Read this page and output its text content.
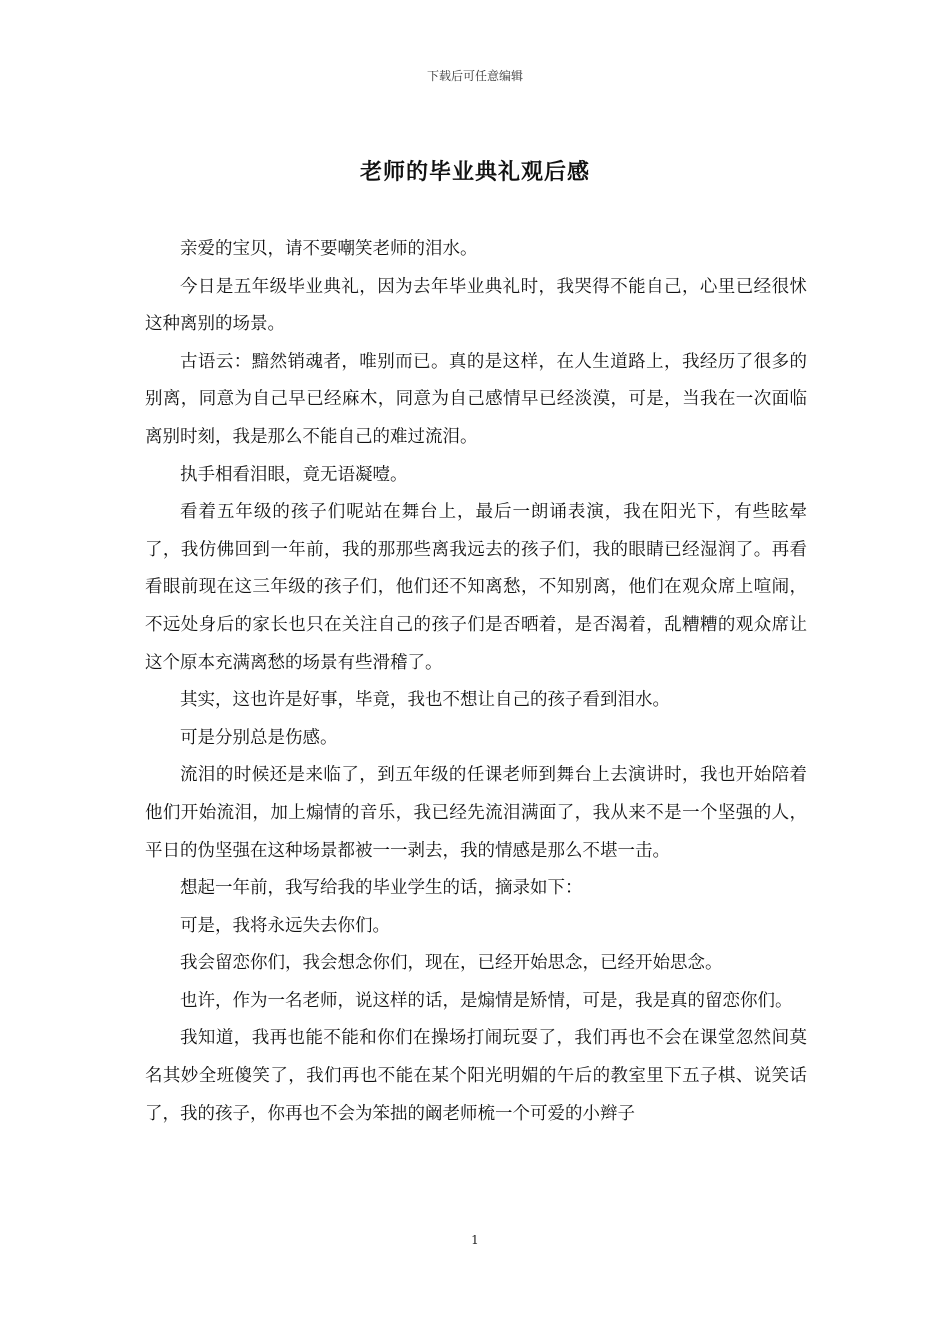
下载后可任意编辑
老师的毕业典礼观后感

亲爱的宝贝，请不要嘲笑老师的泪水。

今日是五年级毕业典礼，因为去年毕业典礼时，我哭得不能自己，心里已经很怵这种离别的场景。

古语云：黯然销魂者，唯别而已。真的是这样，在人生道路上，我经历了很多的别离，同意为自己早已经麻木，同意为自己感情早已经淡漠，可是，当我在一次面临离别时刻，我是那么不能自己的难过流泪。

执手相看泪眼，竟无语凝噎。

看着五年级的孩子们呢站在舞台上，最后一朗诵表演，我在阳光下，有些眩晕了，我仿佛回到一年前，我的那那些离我远去的孩子们，我的眼睛已经湿润了。再看看眼前现在这三年级的孩子们，他们还不知离愁，不知别离，他们在观众席上喧闹，不远处身后的家长也只在关注自己的孩子们是否晒着，是否渴着，乱糟糟的观众席让这个原本充满离愁的场景有些滑稽了。

其实，这也许是好事，毕竟，我也不想让自己的孩子看到泪水。

可是分别总是伤感。

流泪的时候还是来临了，到五年级的任课老师到舞台上去演讲时，我也开始陪着他们开始流泪，加上煽情的音乐，我已经先流泪满面了，我从来不是一个坚强的人，平日的伪坚强在这种场景都被一一剥去，我的情感是那么不堪一击。

想起一年前，我写给我的毕业学生的话，摘录如下：

可是，我将永远失去你们。

我会留恋你们，我会想念你们，现在，已经开始思念，已经开始思念。

也许，作为一名老师，说这样的话，是煽情是矫情，可是，我是真的留恋你们。

我知道，我再也能不能和你们在操场打闹玩耍了，我们再也不会在课堂忽然间莫名其妙全班傻笑了，我们再也不能在某个阳光明媚的午后的教室里下五子棋、说笑话了，我的孩子，你再也不会为笨拙的阚老师梳一个可爱的小辫子

1
